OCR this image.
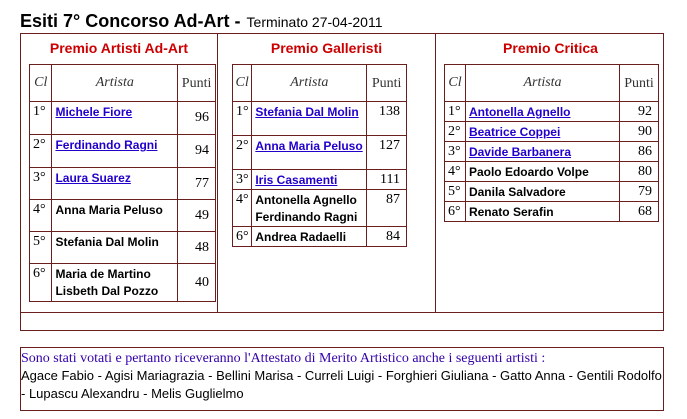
Esiti 7° Concorso Ad-Art - Terminato 27-04-2011
Premio Artisti Ad-Art	Premio Galleristi	Premio Critica
Cl	Artista	Punti
1°	Michele Fiore	96
2°	Ferdinando Ragni	94
3°	Laura Suarez	77
4°	Anna Maria Peluso	49
5°	Stefania Dal Molin	48
6°	Maria de Martino Lisbeth Dal Pozzo	40
Cl	Artista	Punti
1°	Stefania Dal Molin	138
2°	Anna Maria Peluso	127
3°	Iris Casamenti	111
4°	Antonella Agnello Ferdinando Ragni	87
6°	Andrea Radaelli	84
Cl	Artista	Punti
1°	Antonella Agnello	92
2°	Beatrice Coppei	90
3°	Davide Barbanera	86
4°	Paolo Edoardo Volpe	80
5°	Danila Salvadore	79
6°	Renato Serafin	68
Sono stati votati e pertanto riceveranno l'Attestato di Merito Artistico anche i seguenti artisti :
Agace Fabio - Agisi Mariagrazia - Bellini Marisa - Curreli Luigi - Forghieri Giuliana - Gatto Anna - Gentili Rodolfo - Lupascu Alexandru - Melis Guglielmo
